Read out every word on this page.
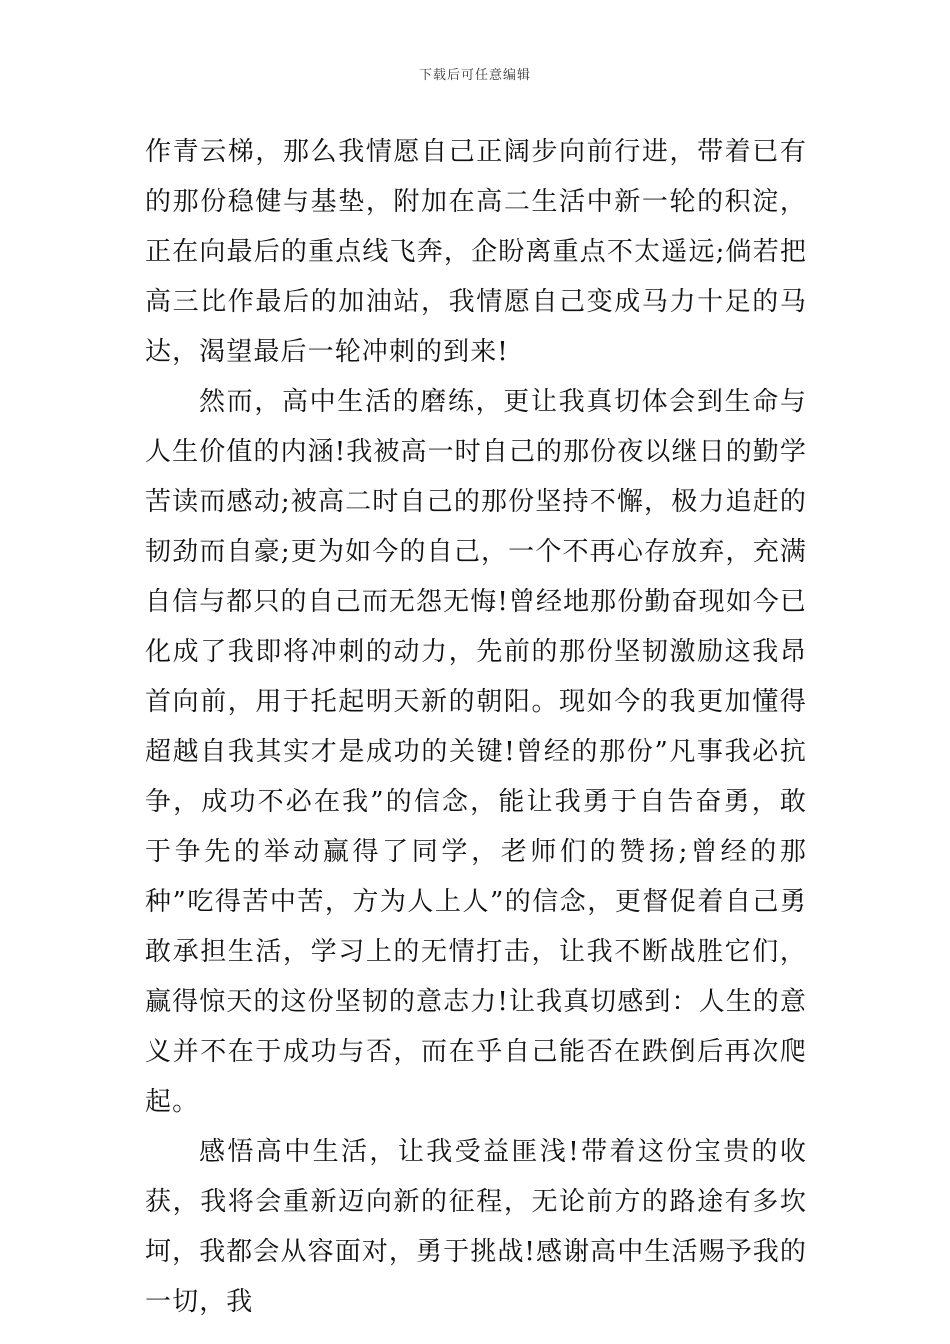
下载后可任意编辑

作青云梯，那么我情愿自己正阔步向前行进，带着已有的那份稳健与基垫，附加在高二生活中新一轮的积淀，正在向最后的重点线飞奔，企盼离重点不太遥远;倘若把高三比作最后的加油站，我情愿自己变成马力十足的马达，渴望最后一轮冲刺的到来!

然而，高中生活的磨练，更让我真切体会到生命与人生价值的内涵!我被高一时自己的那份夜以继日的勤学苦读而感动;被高二时自己的那份坚持不懈，极力追赶的韧劲而自豪;更为如今的自己，一个不再心存放弃，充满自信与都只的自己而无怨无悔!曾经地那份勤奋现如今已化成了我即将冲刺的动力，先前的那份坚韧激励这我昂首向前，用于托起明天新的朝阳。现如今的我更加懂得超越自我其实才是成功的关键!曾经的那份”凡事我必抗争，成功不必在我”的信念，能让我勇于自告奋勇，敢于争先的举动赢得了同学，老师们的赞扬;曾经的那种”吃得苦中苦，方为人上人”的信念，更督促着自己勇敢承担生活，学习上的无情打击，让我不断战胜它们，赢得惊天的这份坚韧的意志力!让我真切感到：人生的意义并不在于成功与否，而在乎自己能否在跌倒后再次爬起。

感悟高中生活，让我受益匪浅!带着这份宝贵的收获，我将会重新迈向新的征程，无论前方的路途有多坎坷，我都会从容面对，勇于挑战!感谢高中生活赐予我的一切，我
